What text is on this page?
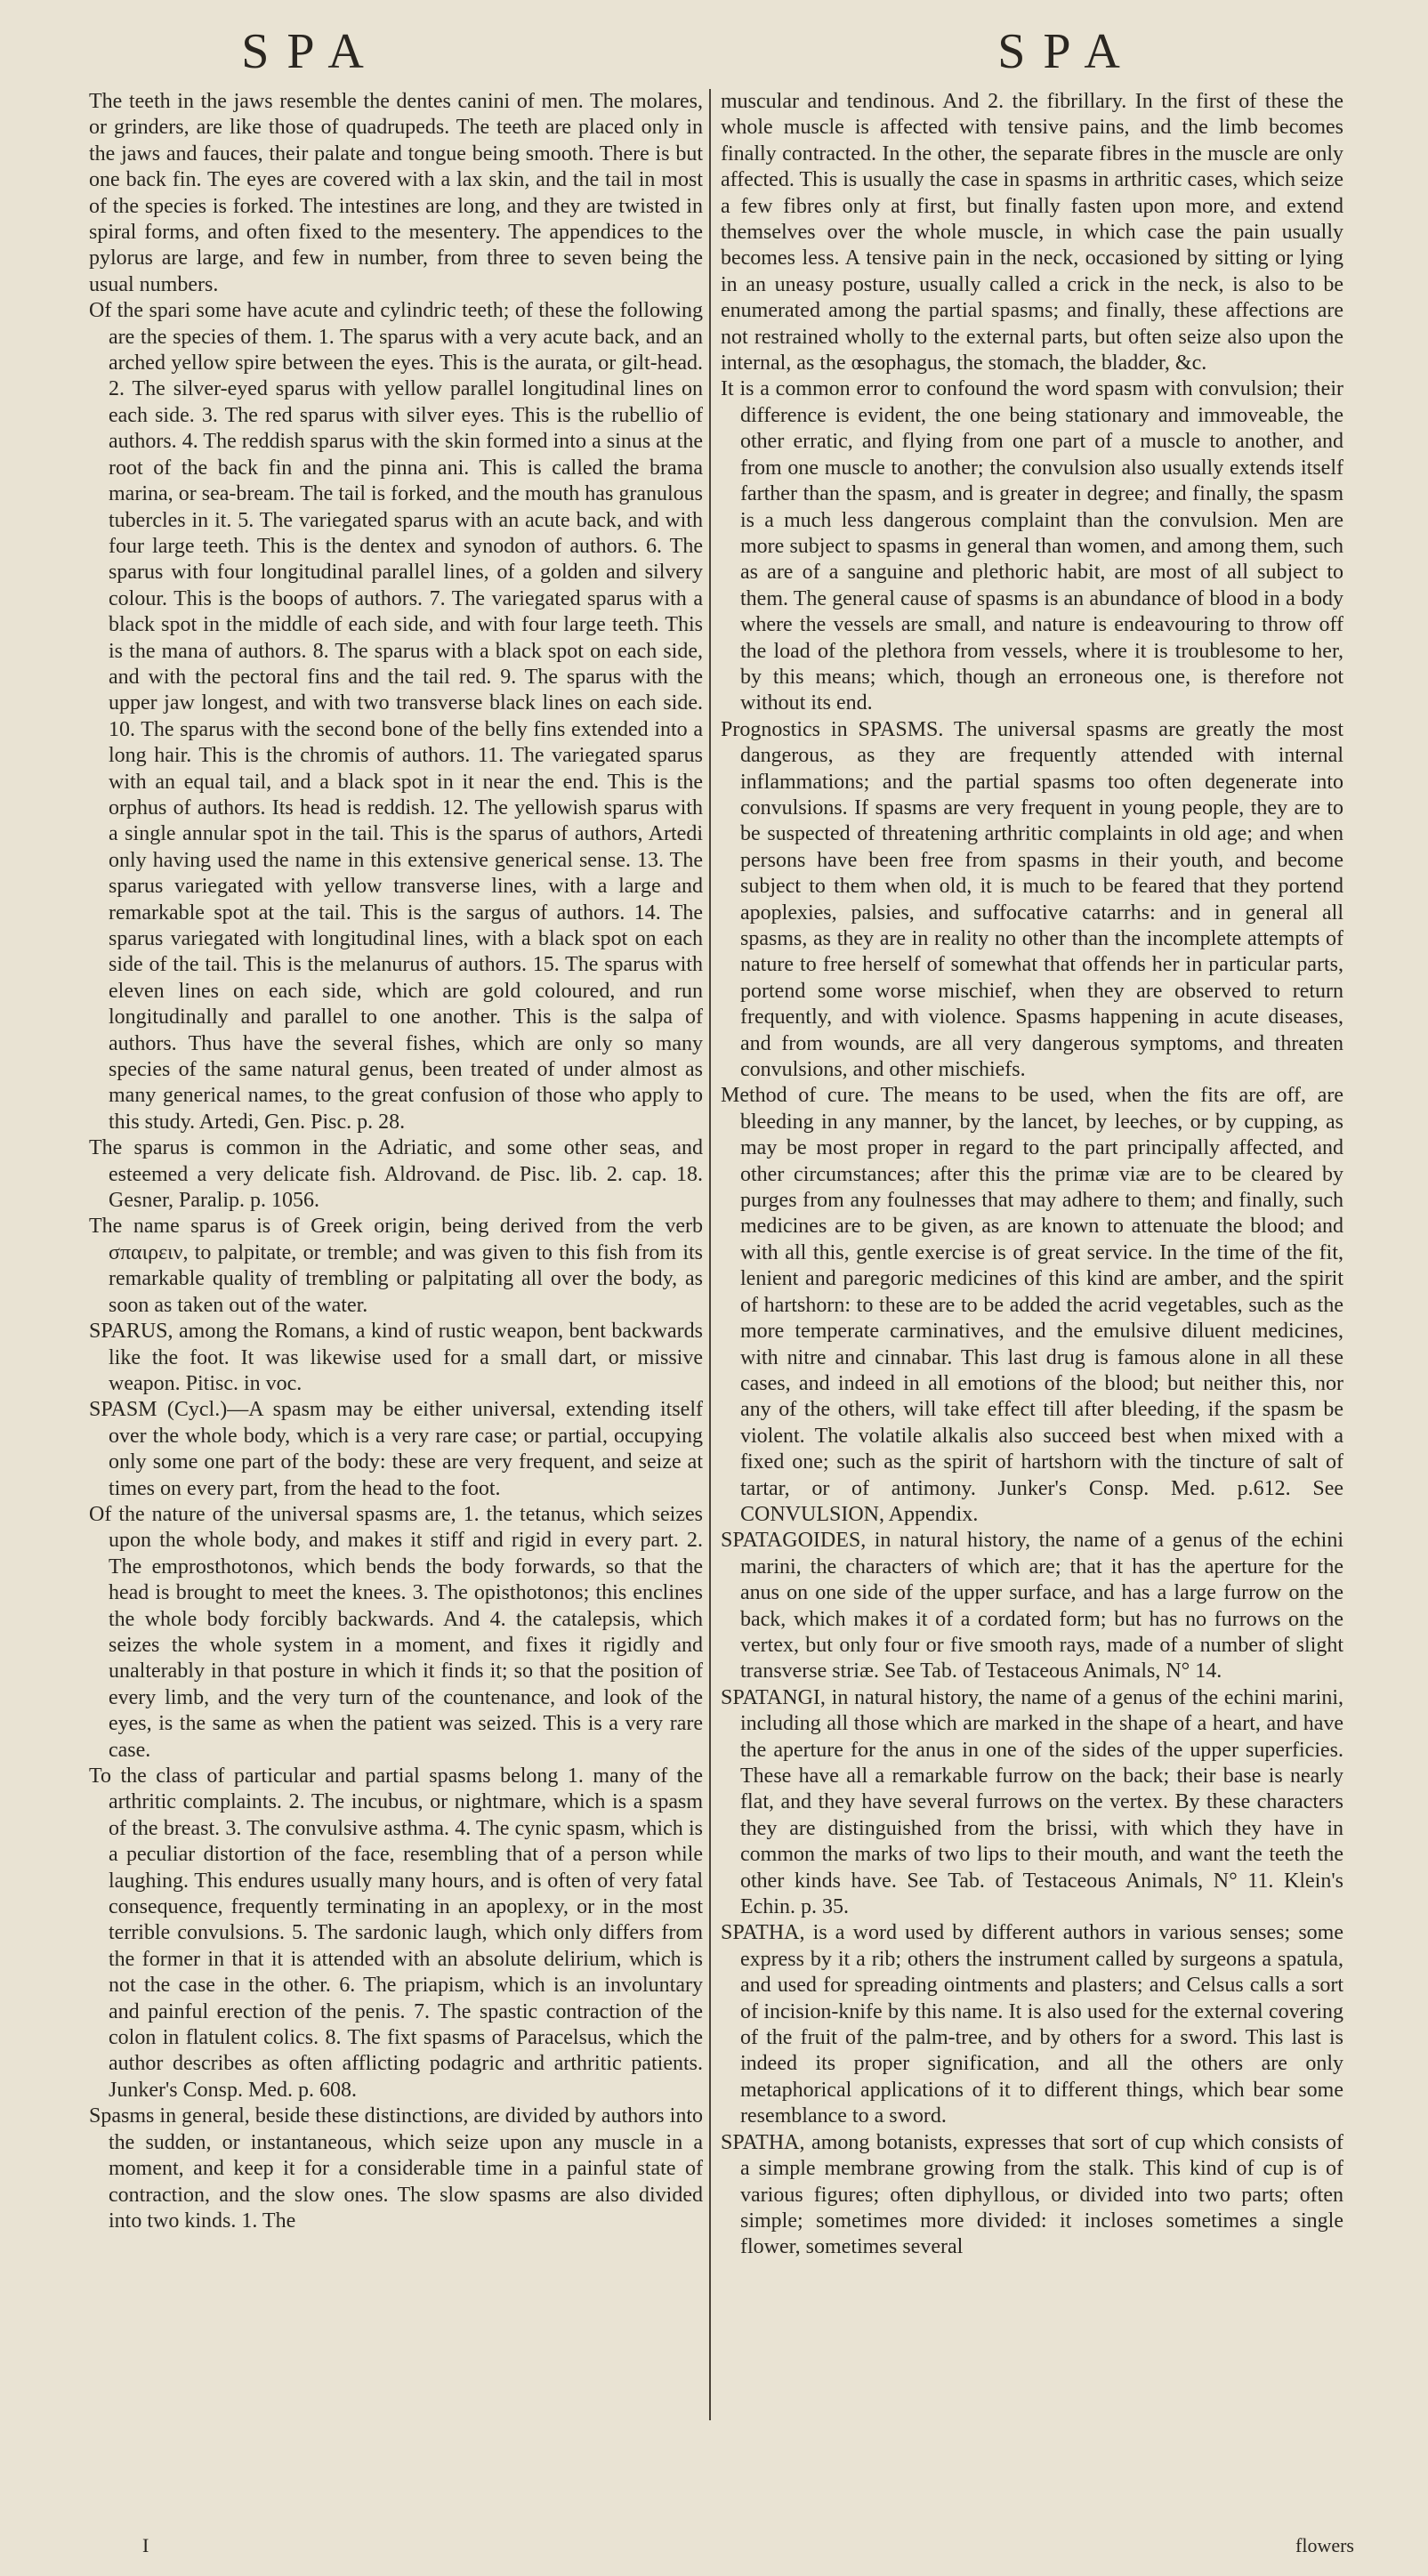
SPA	SPA

The teeth in the jaws resemble the dentes canini of men. The molares, or grinders, are like those of quadrupeds. The teeth are placed only in the jaws and fauces, their palate and tongue being smooth. There is but one back fin. The eyes are covered with a lax skin, and the tail in most of the species is forked. The intestines are long, and they are twisted in spiral forms, and often fixed to the mesentery. The appendices to the pylorus are large, and few in number, from three to seven being the usual numbers.

Of the spari some have acute and cylindric teeth; of these the following are the species of them. 1. The sparus with a very acute back, and an arched yellow spire between the eyes. This is the aurata, or gilt-head. 2. The silver-eyed sparus with yellow parallel longitudinal lines on each side. 3. The red sparus with silver eyes. This is the rubellio of authors. 4. The reddish sparus with the skin formed into a sinus at the root of the back fin and the pinna ani. This is called the brama marina, or sea-bream. The tail is forked, and the mouth has granulous tubercles in it. 5. The variegated sparus with an acute back, and with four large teeth. This is the dentex and synodon of authors. 6. The sparus with four longitudinal parallel lines, of a golden and silvery colour. This is the boops of authors. 7. The variegated sparus with a black spot in the middle of each side, and with four large teeth. This is the mana of authors. 8. The sparus with a black spot on each side, and with the pectoral fins and the tail red. 9. The sparus with the upper jaw longest, and with two transverse black lines on each side. 10. The sparus with the second bone of the belly fins extended into a long hair. This is the chromis of authors. 11. The variegated sparus with an equal tail, and a black spot in it near the end. This is the orphus of authors. Its head is reddish. 12. The yellowish sparus with a single annular spot in the tail. This is the sparus of authors, Artedi only having used the name in this extensive generical sense. 13. The sparus variegated with yellow transverse lines, with a large and remarkable spot at the tail. This is the sargus of authors. 14. The sparus variegated with longitudinal lines, with a black spot on each side of the tail. This is the melanurus of authors. 15. The sparus with eleven lines on each side, which are gold coloured, and run longitudinally and parallel to one another. This is the salpa of authors. Thus have the several fishes, which are only so many species of the same natural genus, been treated of under almost as many generical names, to the great confusion of those who apply to this study. Artedi, Gen. Pisc. p. 28.

The sparus is common in the Adriatic, and some other seas, and esteemed a very delicate fish. Aldrovand. de Pisc. lib. 2. cap. 18. Gesner, Paralip. p. 1056.

The name sparus is of Greek origin, being derived from the verb σπαιρειν, to palpitate, or tremble; and was given to this fish from its remarkable quality of trembling or palpitating all over the body, as soon as taken out of the water.

SPARUS, among the Romans, a kind of rustic weapon, bent backwards like the foot. It was likewise used for a small dart, or missive weapon. Pitisc. in voc.

SPASM (Cycl.)—A spasm may be either universal, extending itself over the whole body, which is a very rare case; or partial, occupying only some one part of the body: these are very frequent, and seize at times on every part, from the head to the foot.

Of the nature of the universal spasms are, 1. the tetanus, which seizes upon the whole body, and makes it stiff and rigid in every part. 2. The emprosthotonos, which bends the body forwards, so that the head is brought to meet the knees. 3. The opisthotonos; this enclines the whole body forcibly backwards. And 4. the catalepsis, which seizes the whole system in a moment, and fixes it rigidly and unalterably in that posture in which it finds it; so that the position of every limb, and the very turn of the countenance, and look of the eyes, is the same as when the patient was seized. This is a very rare case.

To the class of particular and partial spasms belong 1. many of the arthritic complaints. 2. The incubus, or nightmare, which is a spasm of the breast. 3. The convulsive asthma. 4. The cynic spasm, which is a peculiar distortion of the face, resembling that of a person while laughing. This endures usually many hours, and is often of very fatal consequence, frequently terminating in an apoplexy, or in the most terrible convulsions. 5. The sardonic laugh, which only differs from the former in that it is attended with an absolute delirium, which is not the case in the other. 6. The priapism, which is an involuntary and painful erection of the penis. 7. The spastic contraction of the colon in flatulent colics. 8. The fixt spasms of Paracelsus, which the author describes as often afflicting podagric and arthritic patients. Junker's Consp. Med. p. 608.

Spasms in general, beside these distinctions, are divided by authors into the sudden, or instantaneous, which seize upon any muscle in a moment, and keep it for a considerable time in a painful state of contraction, and the slow ones. The slow spasms are also divided into two kinds. 1. The

muscular and tendinous. And 2. the fibrillary. In the first of these the whole muscle is affected with tensive pains, and the limb becomes finally contracted. In the other, the separate fibres in the muscle are only affected. This is usually the case in spasms in arthritic cases, which seize a few fibres only at first, but finally fasten upon more, and extend themselves over the whole muscle, in which case the pain usually becomes less. A tensive pain in the neck, occasioned by sitting or lying in an uneasy posture, usually called a crick in the neck, is also to be enumerated among the partial spasms; and finally, these affections are not restrained wholly to the external parts, but often seize also upon the internal, as the œsophagus, the stomach, the bladder, &c.

It is a common error to confound the word spasm with convulsion; their difference is evident, the one being stationary and immoveable, the other erratic, and flying from one part of a muscle to another, and from one muscle to another; the convulsion also usually extends itself farther than the spasm, and is greater in degree; and finally, the spasm is a much less dangerous complaint than the convulsion. Men are more subject to spasms in general than women, and among them, such as are of a sanguine and plethoric habit, are most of all subject to them. The general cause of spasms is an abundance of blood in a body where the vessels are small, and nature is endeavouring to throw off the load of the plethora from vessels, where it is troublesome to her, by this means; which, though an erroneous one, is therefore not without its end.

Prognostics in SPASMS. The universal spasms are greatly the most dangerous, as they are frequently attended with internal inflammations; and the partial spasms too often degenerate into convulsions. If spasms are very frequent in young people, they are to be suspected of threatening arthritic complaints in old age; and when persons have been free from spasms in their youth, and become subject to them when old, it is much to be feared that they portend apoplexies, palsies, and suffocative catarrhs: and in general all spasms, as they are in reality no other than the incomplete attempts of nature to free herself of somewhat that offends her in particular parts, portend some worse mischief, when they are observed to return frequently, and with violence. Spasms happening in acute diseases, and from wounds, are all very dangerous symptoms, and threaten convulsions, and other mischiefs.

Method of cure. The means to be used, when the fits are off, are bleeding in any manner, by the lancet, by leeches, or by cupping, as may be most proper in regard to the part principally affected, and other circumstances; after this the primæ viæ are to be cleared by purges from any foulnesses that may adhere to them; and finally, such medicines are to be given, as are known to attenuate the blood; and with all this, gentle exercise is of great service. In the time of the fit, lenient and paregoric medicines of this kind are amber, and the spirit of hartshorn: to these are to be added the acrid vegetables, such as the more temperate carminatives, and the emulsive diluent medicines, with nitre and cinnabar. This last drug is famous alone in all these cases, and indeed in all emotions of the blood; but neither this, nor any of the others, will take effect till after bleeding, if the spasm be violent. The volatile alkalis also succeed best when mixed with a fixed one; such as the spirit of hartshorn with the tincture of salt of tartar, or of antimony. Junker's Consp. Med. p.612. See CONVULSION, Appendix.

SPATAGOIDES, in natural history, the name of a genus of the echini marini, the characters of which are; that it has the aperture for the anus on one side of the upper surface, and has a large furrow on the back, which makes it of a cordated form; but has no furrows on the vertex, but only four or five smooth rays, made of a number of slight transverse striæ. See Tab. of Testaceous Animals, N° 14.

SPATANGI, in natural history, the name of a genus of the echini marini, including all those which are marked in the shape of a heart, and have the aperture for the anus in one of the sides of the upper superficies. These have all a remarkable furrow on the back; their base is nearly flat, and they have several furrows on the vertex. By these characters they are distinguished from the brissi, with which they have in common the marks of two lips to their mouth, and want the teeth the other kinds have. See Tab. of Testaceous Animals, N° 11. Klein's Echin. p. 35.

SPATHA, is a word used by different authors in various senses; some express by it a rib; others the instrument called by surgeons a spatula, and used for spreading ointments and plasters; and Celsus calls a sort of incision-knife by this name. It is also used for the external covering of the fruit of the palm-tree, and by others for a sword. This last is indeed its proper signification, and all the others are only metaphorical applications of it to different things, which bear some resemblance to a sword.

SPATHA, among botanists, expresses that sort of cup which consists of a simple membrane growing from the stalk. This kind of cup is of various figures; often diphyllous, or divided into two parts; often simple; sometimes more divided: it incloses sometimes a single flower, sometimes several

I	flowers
